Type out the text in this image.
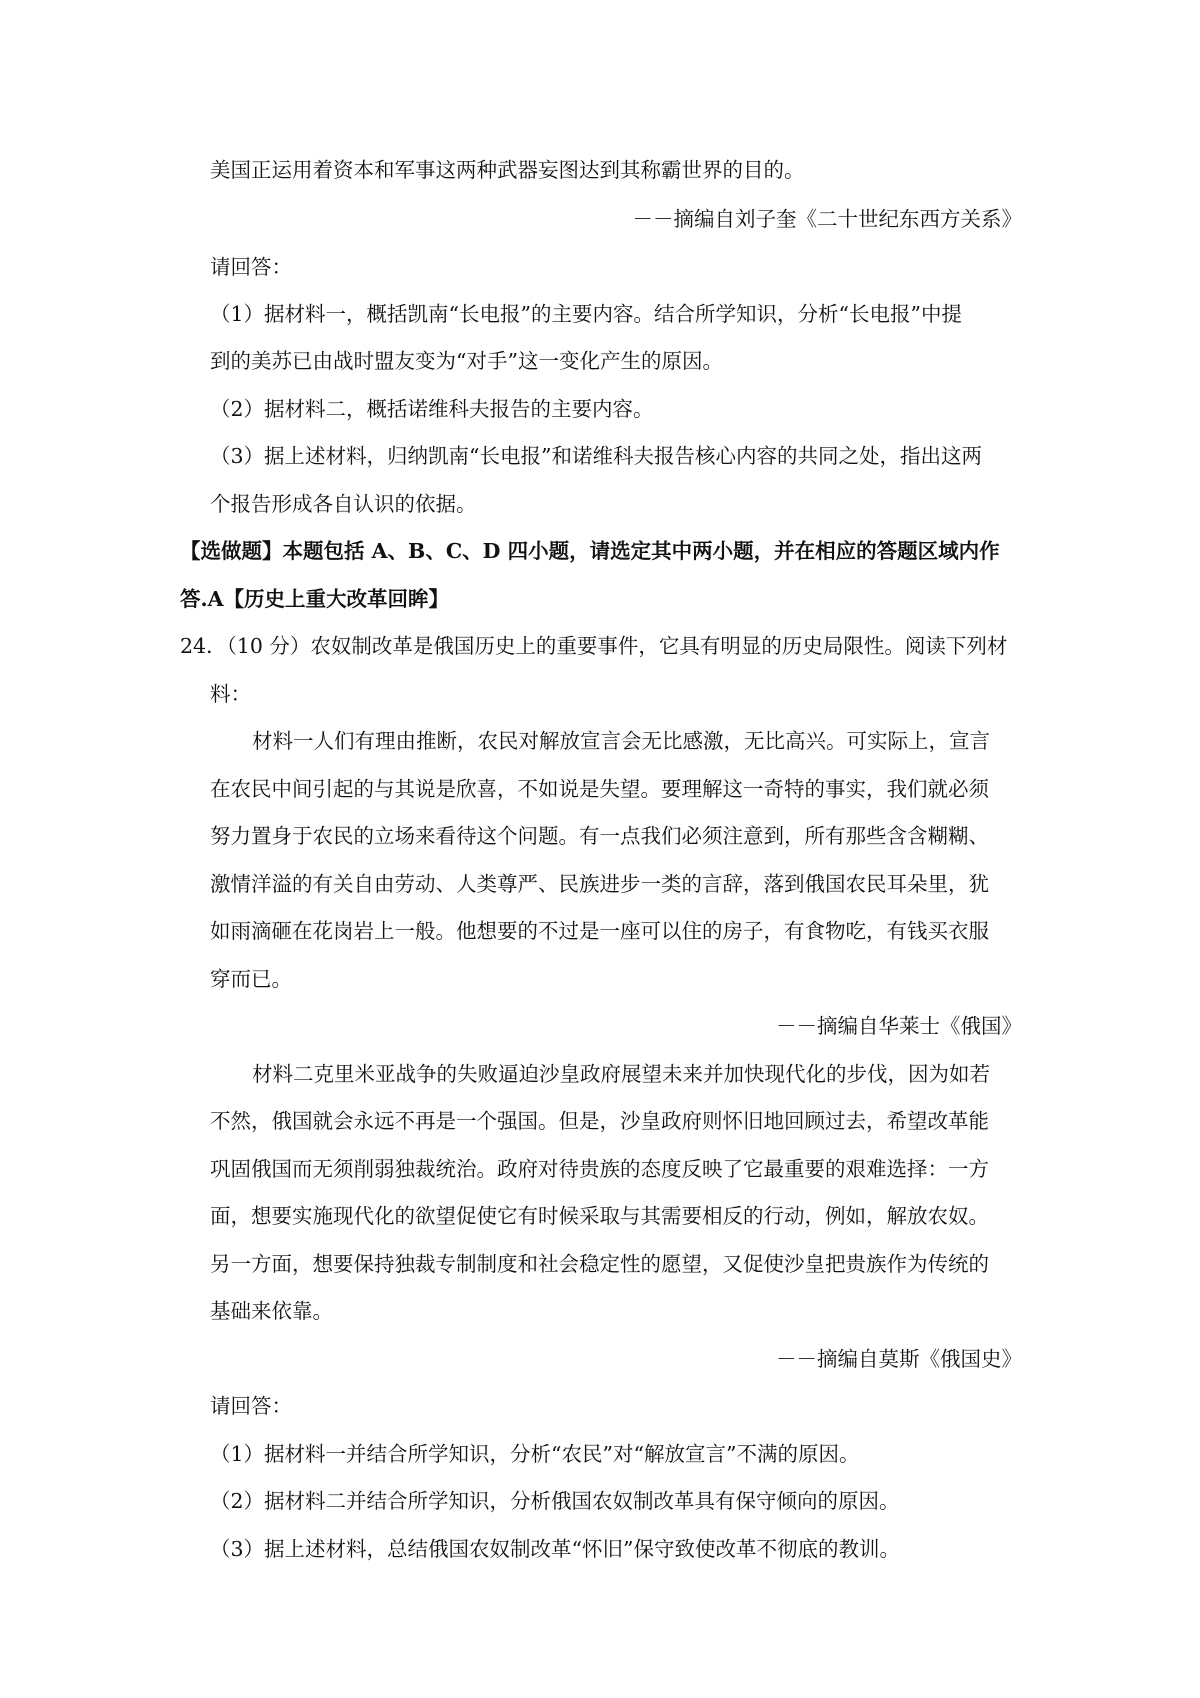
美国正运用着资本和军事这两种武器妄图达到其称霸世界的目的。

－－摘编自刘子奎《二十世纪东西方关系》

请回答：

（1）据材料一，概括凯南“长电报”的主要内容。结合所学知识，分析“长电报”中提

到的美苏已由战时盟友变为“对手”这一变化产生的原因。

（2）据材料二，概括诺维科夫报告的主要内容。

（3）据上述材料，归纳凯南“长电报”和诺维科夫报告核心内容的共同之处，指出这两

个报告形成各自认识的依据。

【选做题】本题包括 A、B、C、D 四小题，请选定其中两小题，并在相应的答题区域内作

答.A【历史上重大改革回眸】

24．（10 分）农奴制改革是俄国历史上的重要事件，它具有明显的历史局限性。阅读下列材

料：

材料一人们有理由推断，农民对解放宣言会无比感激，无比高兴。可实际上，宣言

在农民中间引起的与其说是欣喜，不如说是失望。要理解这一奇特的事实，我们就必须

努力置身于农民的立场来看待这个问题。有一点我们必须注意到，所有那些含含糊糊、

激情洋溢的有关自由劳动、人类尊严、民族进步一类的言辞，落到俄国农民耳朵里，犹

如雨滴砸在花岗岩上一般。他想要的不过是一座可以住的房子，有食物吃，有钱买衣服

穿而已。

－－摘编自华莱士《俄国》

材料二克里米亚战争的失败逼迫沙皇政府展望未来并加快现代化的步伐，因为如若

不然，俄国就会永远不再是一个强国。但是，沙皇政府则怀旧地回顾过去，希望改革能

巩固俄国而无须削弱独裁统治。政府对待贵族的态度反映了它最重要的艰难选择：一方

面，想要实施现代化的欲望促使它有时候采取与其需要相反的行动，例如，解放农奴。

另一方面，想要保持独裁专制制度和社会稳定性的愿望，又促使沙皇把贵族作为传统的

基础来依靠。

－－摘编自莫斯《俄国史》

请回答：

（1）据材料一并结合所学知识，分析“农民”对“解放宣言”不满的原因。

（2）据材料二并结合所学知识，分析俄国农奴制改革具有保守倾向的原因。

（3）据上述材料，总结俄国农奴制改革“怀旧”保守致使改革不彻底的教训。
